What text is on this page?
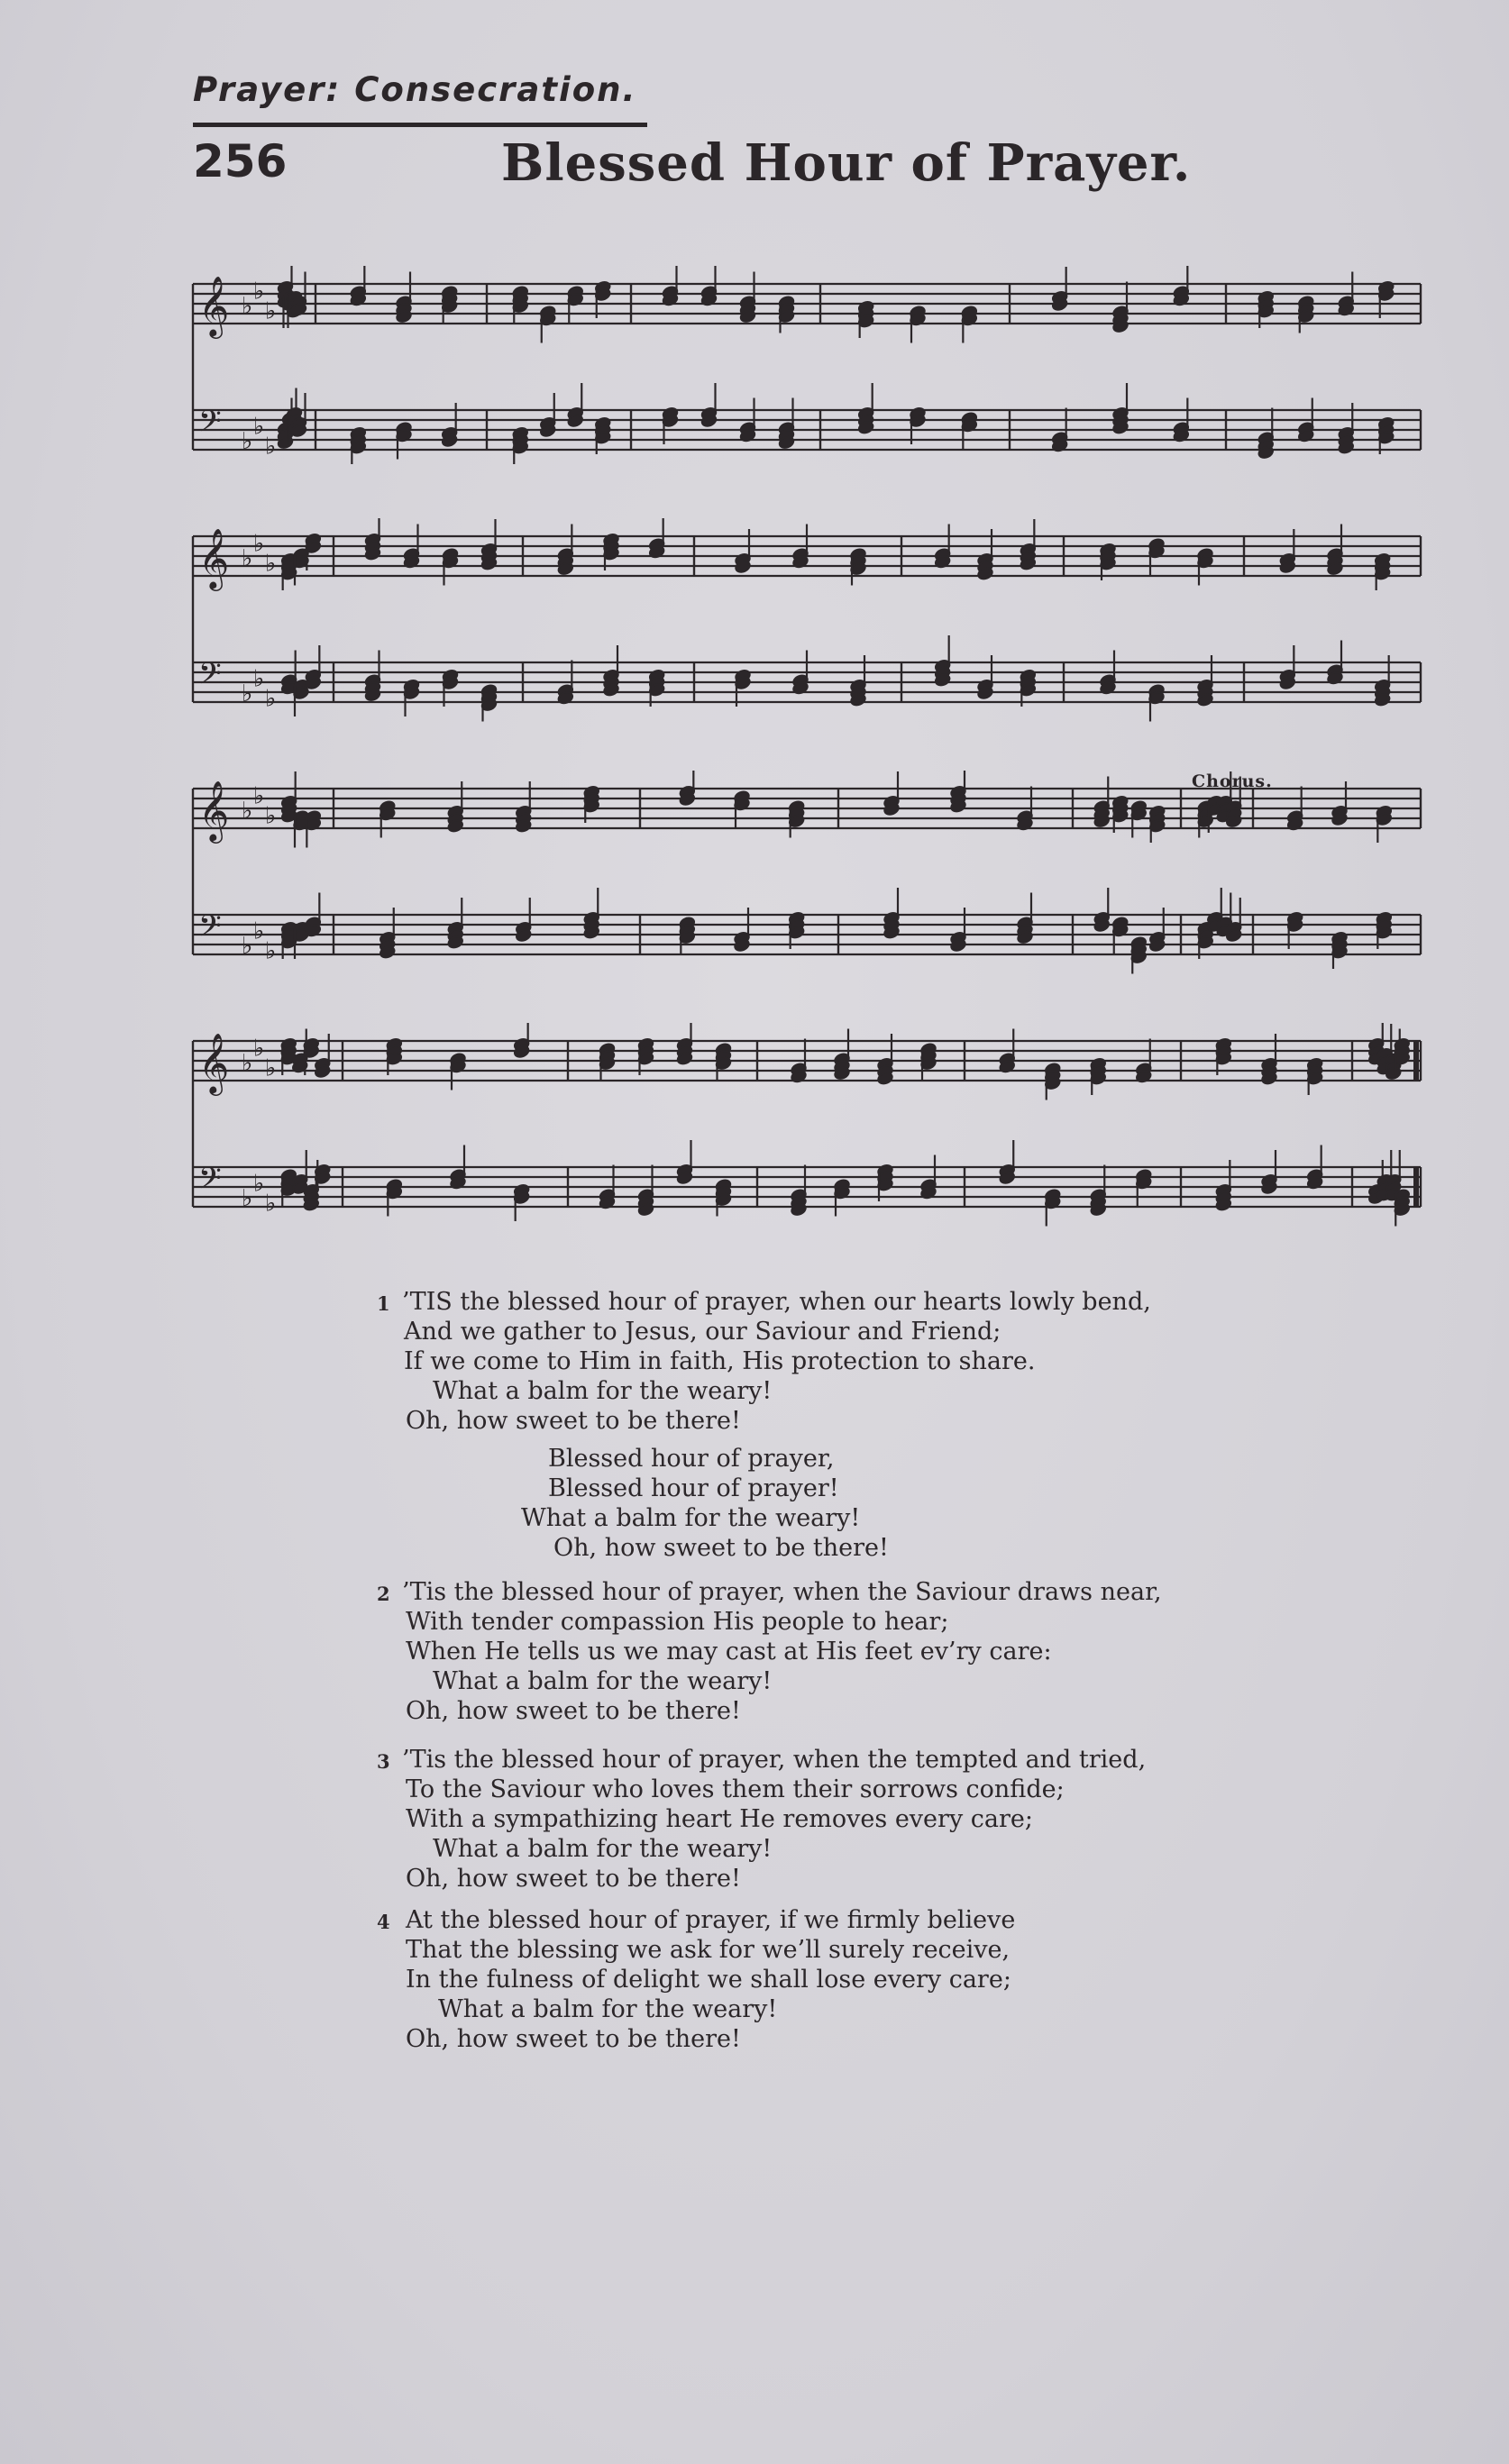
Prayer: Consecration.
256	Blessed Hour of Prayer.
𝄞 ♭
♭
♭
𝄢 ♭
♭
♭
𝄞 ♭
♭
♭
𝄢 ♭
♭
♭
𝄞 ♭
♭
♭
𝄢 ♭
♭
♭
𝄞 ♭
♭
♭
𝄢 ♭
♭
♭
Chorus.
1 ’TIS the blessed hour of prayer, when our hearts lowly bend,
And we gather to Jesus, our Saviour and Friend;
If we come to Him in faith, His protection to share.
What a balm for the weary!
Oh, how sweet to be there!
Blessed hour of prayer,
Blessed hour of prayer!
What a balm for the weary!
Oh, how sweet to be there!
2 ’Tis the blessed hour of prayer, when the Saviour draws near,
With tender compassion His people to hear;
When He tells us we may cast at His feet ev’ry care:
What a balm for the weary!
Oh, how sweet to be there!
3 ’Tis the blessed hour of prayer, when the tempted and tried,
To the Saviour who loves them their sorrows confide;
With a sympathizing heart He removes every care;
What a balm for the weary!
Oh, how sweet to be there!
4 At the blessed hour of prayer, if we firmly believe
That the blessing we ask for we’ll surely receive,
In the fulness of delight we shall lose every care;
What a balm for the weary!
Oh, how sweet to be there!
